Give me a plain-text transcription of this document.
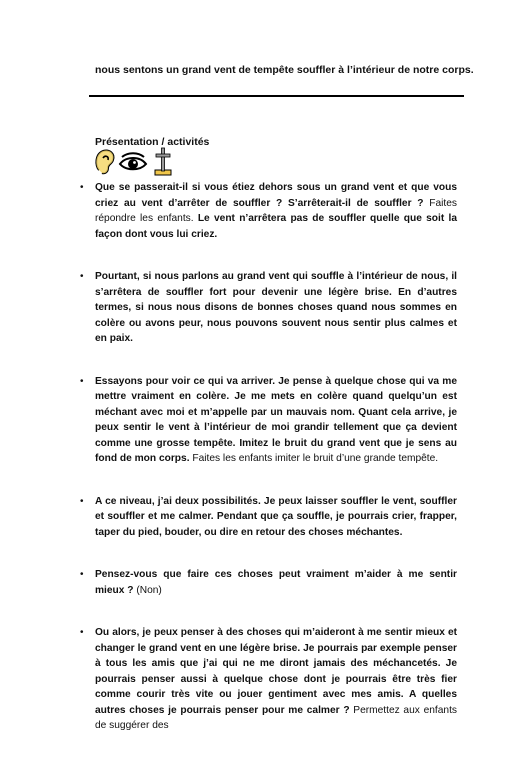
nous sentons un grand vent de tempête souffler à l’intérieur de notre corps.
Présentation / activités
• Que se passerait-il si vous étiez dehors sous un grand vent et que vous criez au vent d’arrêter de souffler ? S’arrêterait-il de souffler ? Faites répondre les enfants. Le vent n’arrêtera pas de souffler quelle que soit la façon dont vous lui criez.
• Pourtant, si nous parlons au grand vent qui souffle à l’intérieur de nous, il s’arrêtera de souffler fort pour devenir une légère brise. En d’autres termes, si nous nous disons de bonnes choses quand nous sommes en colère ou avons peur, nous pouvons souvent nous sentir plus calmes et en paix.
• Essayons pour voir ce qui va arriver. Je pense à quelque chose qui va me mettre vraiment en colère. Je me mets en colère quand quelqu’un est méchant avec moi et m’appelle par un mauvais nom. Quant cela arrive, je peux sentir le vent à l’intérieur de moi grandir tellement que ça devient comme une grosse tempête. Imitez le bruit du grand vent que je sens au fond de mon corps. Faites les enfants imiter le bruit d’une grande tempête.
• A ce niveau, j’ai deux possibilités. Je peux laisser souffler le vent, souffler et souffler et me calmer. Pendant que ça souffle, je pourrais crier, frapper, taper du pied, bouder, ou dire en retour des choses méchantes.
• Pensez-vous que faire ces choses peut vraiment m’aider à me sentir mieux ? (Non)
• Ou alors, je peux penser à des choses qui m’aideront à me sentir mieux et changer le grand vent en une légère brise. Je pourrais par exemple penser à tous les amis que j’ai qui ne me diront jamais des méchancetés. Je pourrais penser aussi à quelque chose dont je pourrais être très fier comme courir très vite ou jouer gentiment avec mes amis. A quelles autres choses je pourrais penser pour me calmer ? Permettez aux enfants de suggérer des
